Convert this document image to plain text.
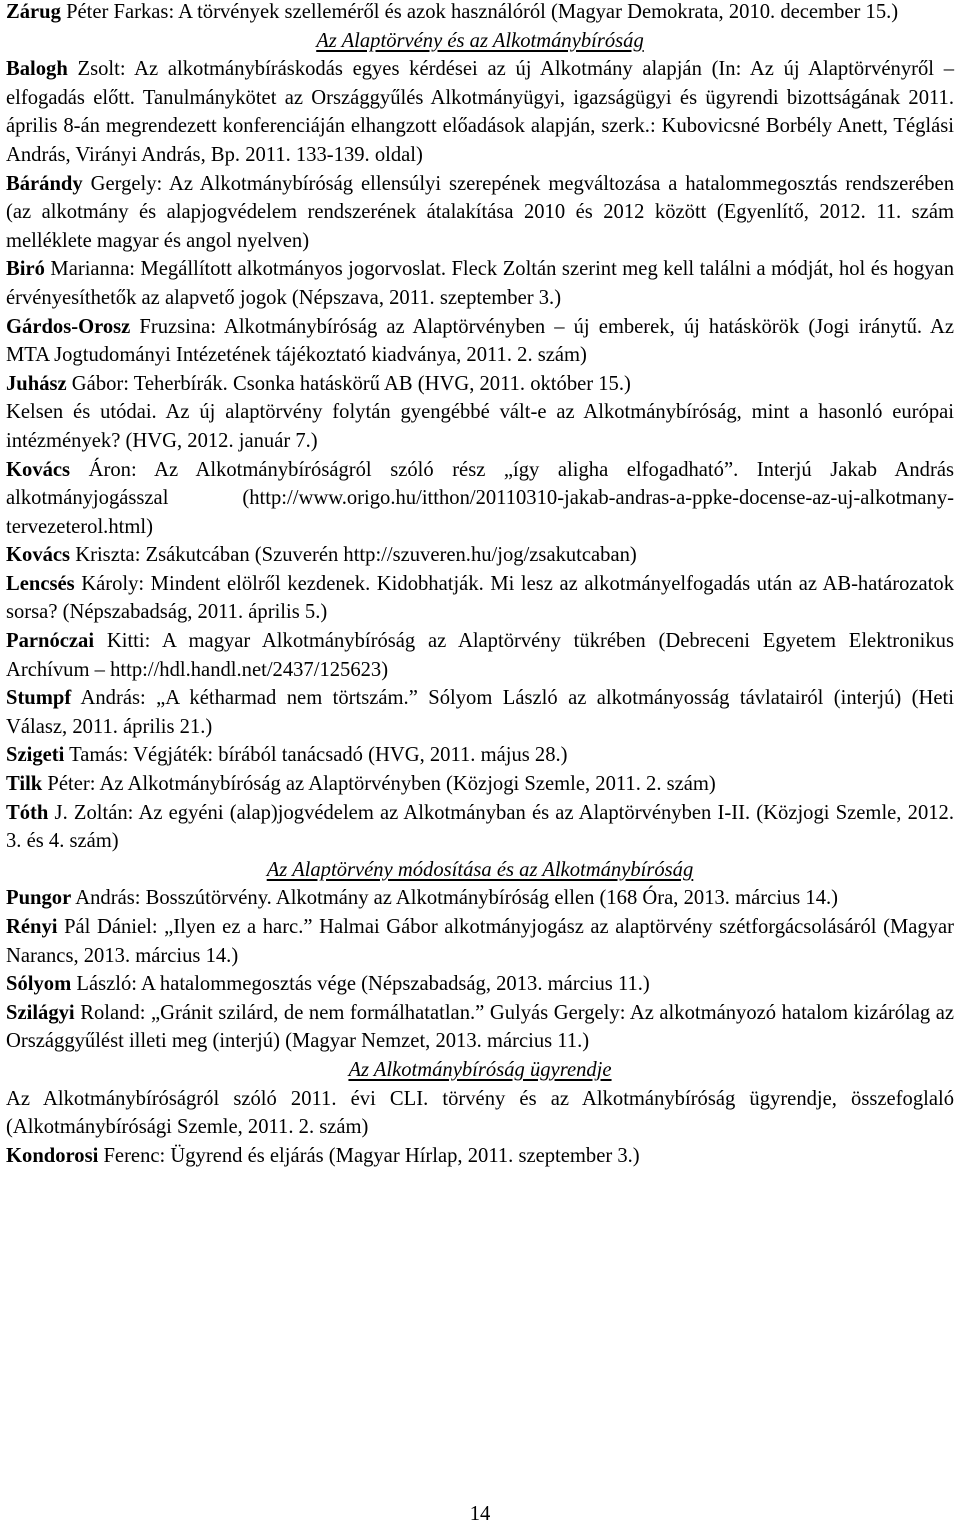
Zárug Péter Farkas: A törvények szelleméről és azok használóról (Magyar Demokrata, 2010. december 15.)

Az Alaptörvény és az Alkotmánybíróság

Balogh Zsolt: Az alkotmánybíráskodás egyes kérdései az új Alkotmány alapján (In: Az új Alaptörvényről – elfogadás előtt. Tanulmánykötet az Országgyűlés Alkotmányügyi, igazságügyi és ügyrendi bizottságának 2011. április 8-án megrendezett konferenciáján elhangzott előadások alapján, szerk.: Kubovicsné Borbély Anett, Téglási András, Virányi András, Bp. 2011. 133-139. oldal)

Bárándy Gergely: Az Alkotmánybíróság ellensúlyi szerepének megváltozása a hatalommegosztás rendszerében (az alkotmány és alapjogvédelem rendszerének átalakítása 2010 és 2012 között (Egyenlítő, 2012. 11. szám melléklete magyar és angol nyelven)

Biró Marianna: Megállított alkotmányos jogorvoslat. Fleck Zoltán szerint meg kell találni a módját, hol és hogyan érvényesíthetők az alapvető jogok (Népszava, 2011. szeptember 3.)

Gárdos-Orosz Fruzsina: Alkotmánybíróság az Alaptörvényben – új emberek, új hatáskörök (Jogi iránytű. Az MTA Jogtudományi Intézetének tájékoztató kiadványa, 2011. 2. szám)

Juhász Gábor: Teherbírák. Csonka hatáskörű AB (HVG, 2011. október 15.)

Kelsen és utódai. Az új alaptörvény folytán gyengébbé vált-e az Alkotmánybíróság, mint a hasonló európai intézmények? (HVG, 2012. január 7.)

Kovács Áron: Az Alkotmánybíróságról szóló rész „így aligha elfogadható”. Interjú Jakab András alkotmányjogásszal (http://www.origo.hu/itthon/20110310-jakab-andras-a-ppke-docense-az-uj-alkotmany-tervezeterol.html)

Kovács Kriszta: Zsákutcában (Szuverén http://szuveren.hu/jog/zsakutcaban)

Lencsés Károly: Mindent elölről kezdenek. Kidobhatják. Mi lesz az alkotmányelfogadás után az AB-határozatok sorsa? (Népszabadság, 2011. április 5.)

Parnóczai Kitti: A magyar Alkotmánybíróság az Alaptörvény tükrében (Debreceni Egyetem Elektronikus Archívum – http://hdl.handl.net/2437/125623)

Stumpf András: „A kétharmad nem törtszám.” Sólyom László az alkotmányosság távlatairól (interjú) (Heti Válasz, 2011. április 21.)

Szigeti Tamás: Végjáték: bírából tanácsadó (HVG, 2011. május 28.)

Tilk Péter: Az Alkotmánybíróság az Alaptörvényben (Közjogi Szemle, 2011. 2. szám)

Tóth J. Zoltán: Az egyéni (alap)jogvédelem az Alkotmányban és az Alaptörvényben I-II. (Közjogi Szemle, 2012. 3. és 4. szám)

Az Alaptörvény módosítása és az Alkotmánybíróság

Pungor András: Bosszútörvény. Alkotmány az Alkotmánybíróság ellen (168 Óra, 2013. március 14.)

Rényi Pál Dániel: „Ilyen ez a harc.” Halmai Gábor alkotmányjogász az alaptörvény szétforgácsolásáról (Magyar Narancs, 2013. március 14.)

Sólyom László: A hatalommegosztás vége (Népszabadság, 2013. március 11.)

Szilágyi Roland: „Gránit szilárd, de nem formálhatatlan.” Gulyás Gergely: Az alkotmányozó hatalom kizárólag az Országgyűlést illeti meg (interjú) (Magyar Nemzet, 2013. március 11.)

Az Alkotmánybíróság ügyrendje

Az Alkotmánybíróságról szóló 2011. évi CLI. törvény és az Alkotmánybíróság ügyrendje, összefoglaló (Alkotmánybírósági Szemle, 2011. 2. szám)

Kondorosi Ferenc: Ügyrend és eljárás (Magyar Hírlap, 2011. szeptember 3.)

14
